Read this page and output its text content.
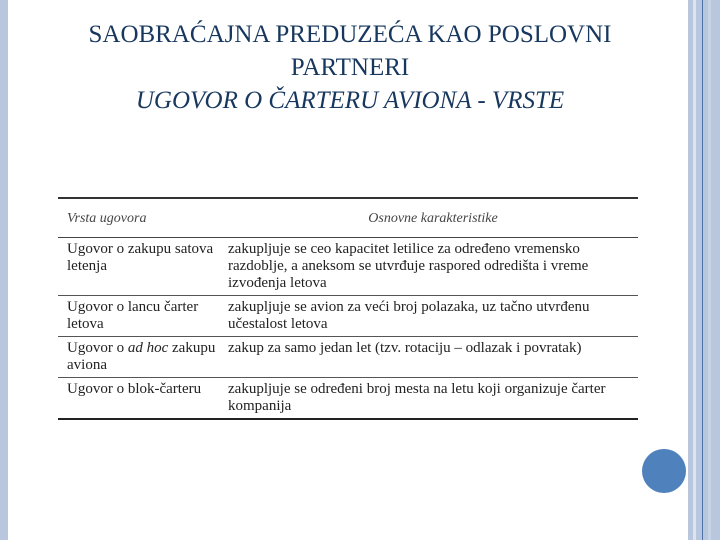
SAOBRAĆAJNA PREDUZEĆA KAO POSLOVNI
PARTNERI
UGOVOR O ČARTERU AVIONA - VRSTE
Vrsta ugovora	Osnovne karakteristike
Ugovor o zakupu satova letenja
zakupljuje se ceo kapacitet letilice za određeno vremensko razdoblje, a aneksom se utvrđuje raspored odredišta i vreme izvođenja letova
Ugovor o lancu čarter letova
zakupljuje se avion za veći broj polazaka, uz tačno utvrđenu učestalost letova
Ugovor o ad hoc zakupu aviona
zakup za samo jedan let (tzv. rotaciju – odlazak i povratak)
Ugovor o blok-čarteru	zakupljuje se određeni broj mesta na letu koji organizuje čarter kompanija
